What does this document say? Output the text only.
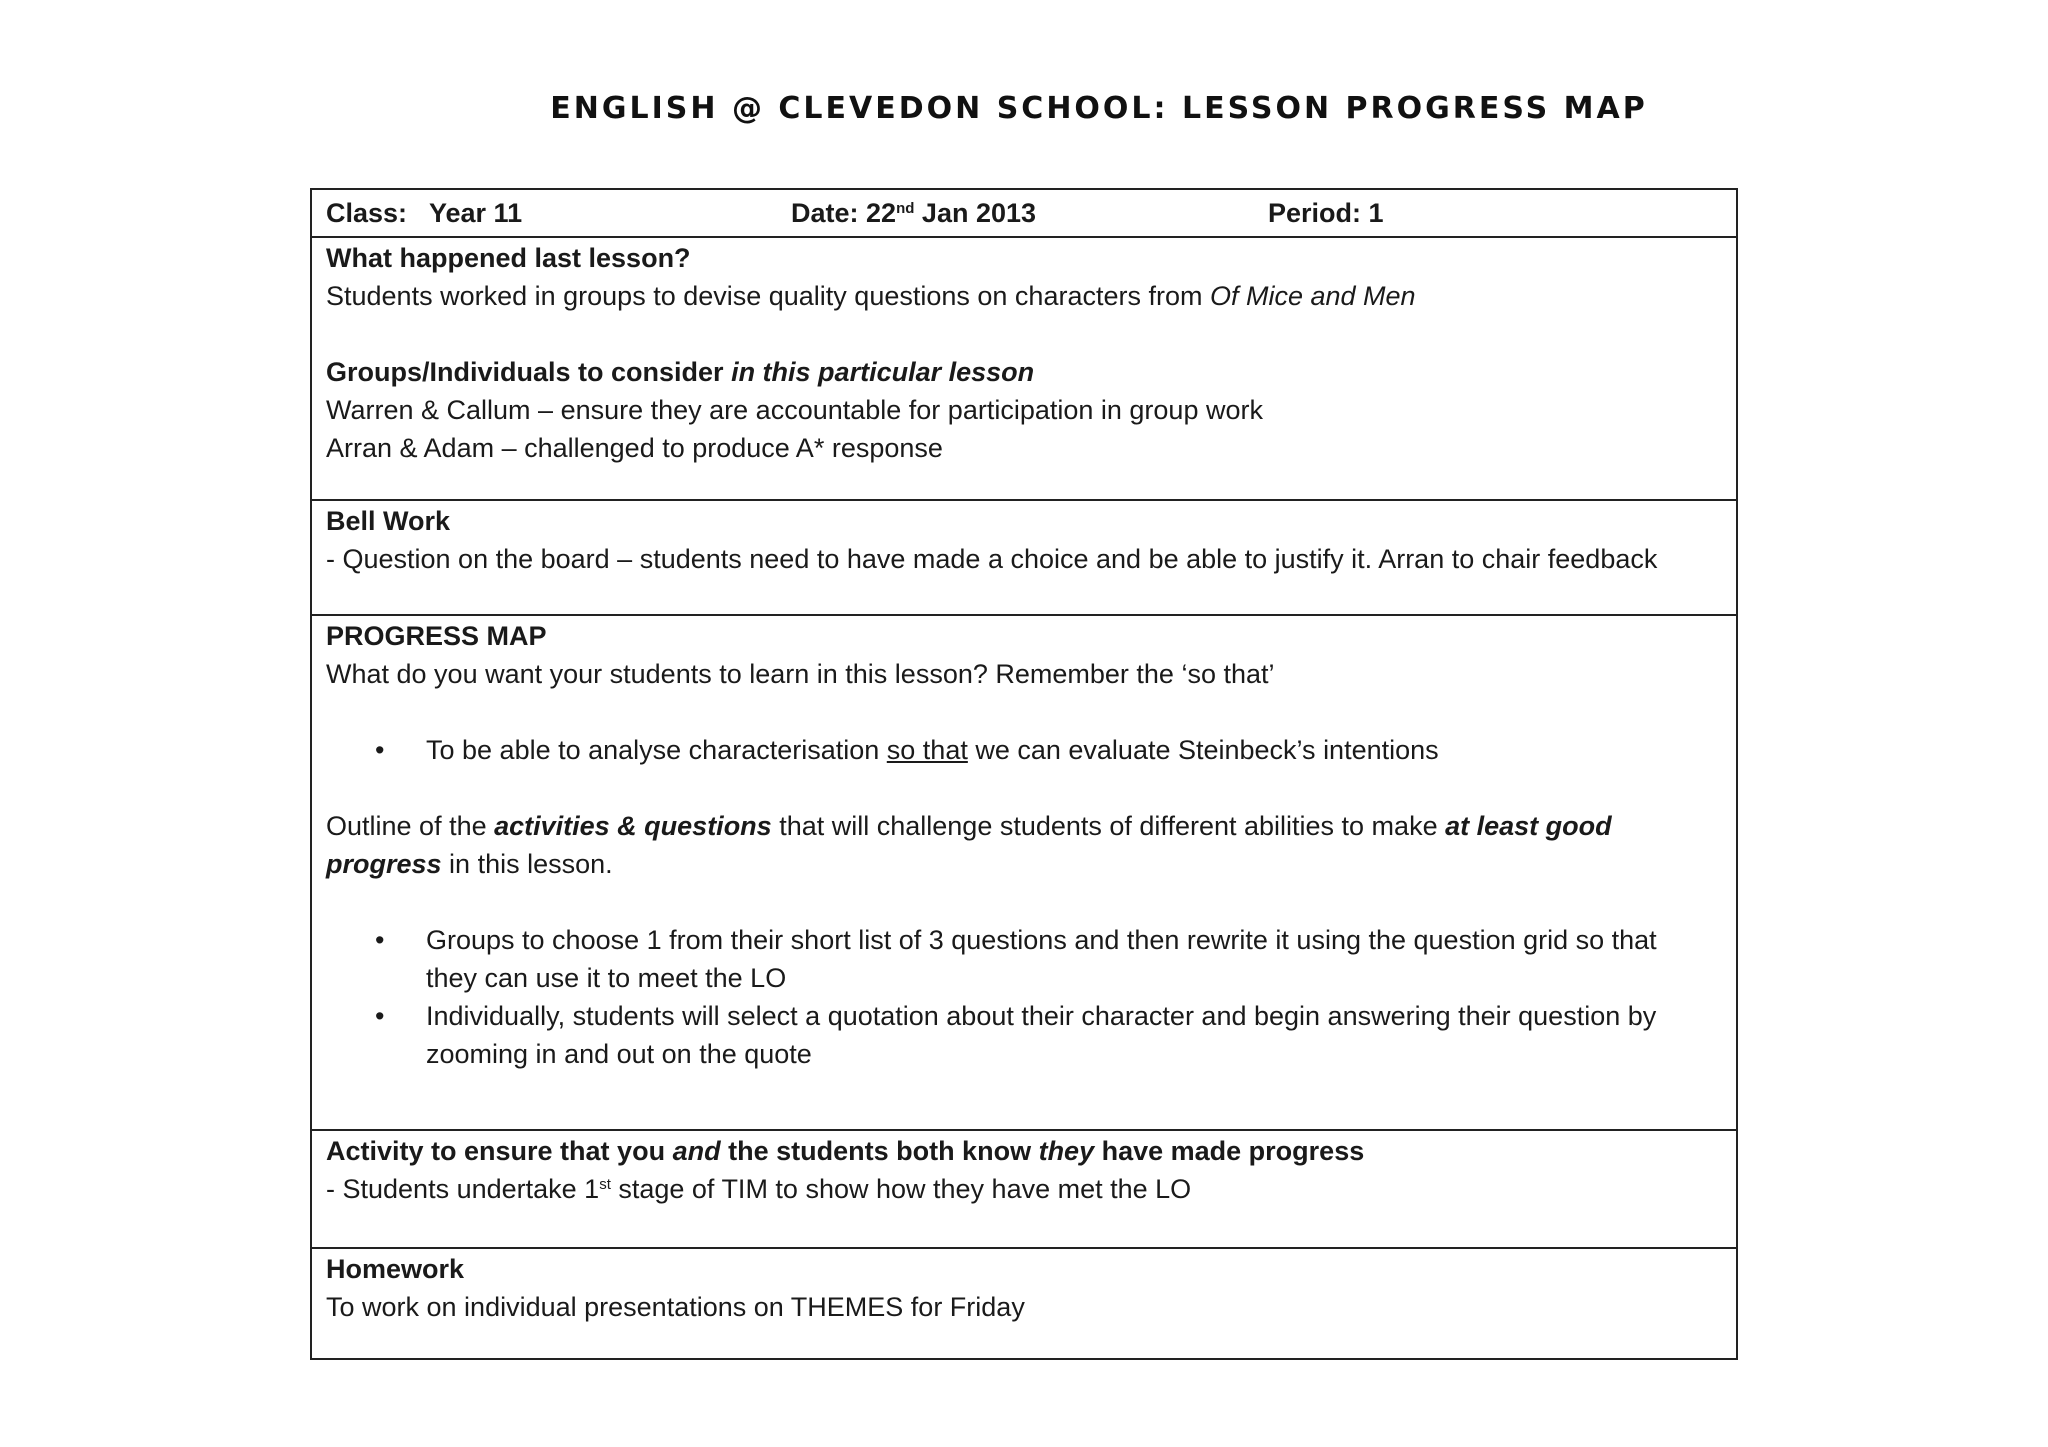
ENGLISH @ CLEVEDON SCHOOL: LESSON PROGRESS MAP
Class: Year 11	Date: 22nd Jan 2013	Period: 1
What happened last lesson?
Students worked in groups to devise quality questions on characters from Of Mice and Men
Groups/Individuals to consider in this particular lesson
Warren & Callum – ensure they are accountable for participation in group work
Arran & Adam – challenged to produce A* response
Bell Work
- Question on the board – students need to have made a choice and be able to justify it. Arran to chair feedback
PROGRESS MAP
What do you want your students to learn in this lesson? Remember the ‘so that’
• To be able to analyse characterisation so that we can evaluate Steinbeck’s intentions
Outline of the activities & questions that will challenge students of different abilities to make at least good progress in this lesson.
• Groups to choose 1 from their short list of 3 questions and then rewrite it using the question grid so that they can use it to meet the LO
• Individually, students will select a quotation about their character and begin answering their question by zooming in and out on the quote
Activity to ensure that you and the students both know they have made progress
- Students undertake 1st stage of TIM to show how they have met the LO
Homework
To work on individual presentations on THEMES for Friday
